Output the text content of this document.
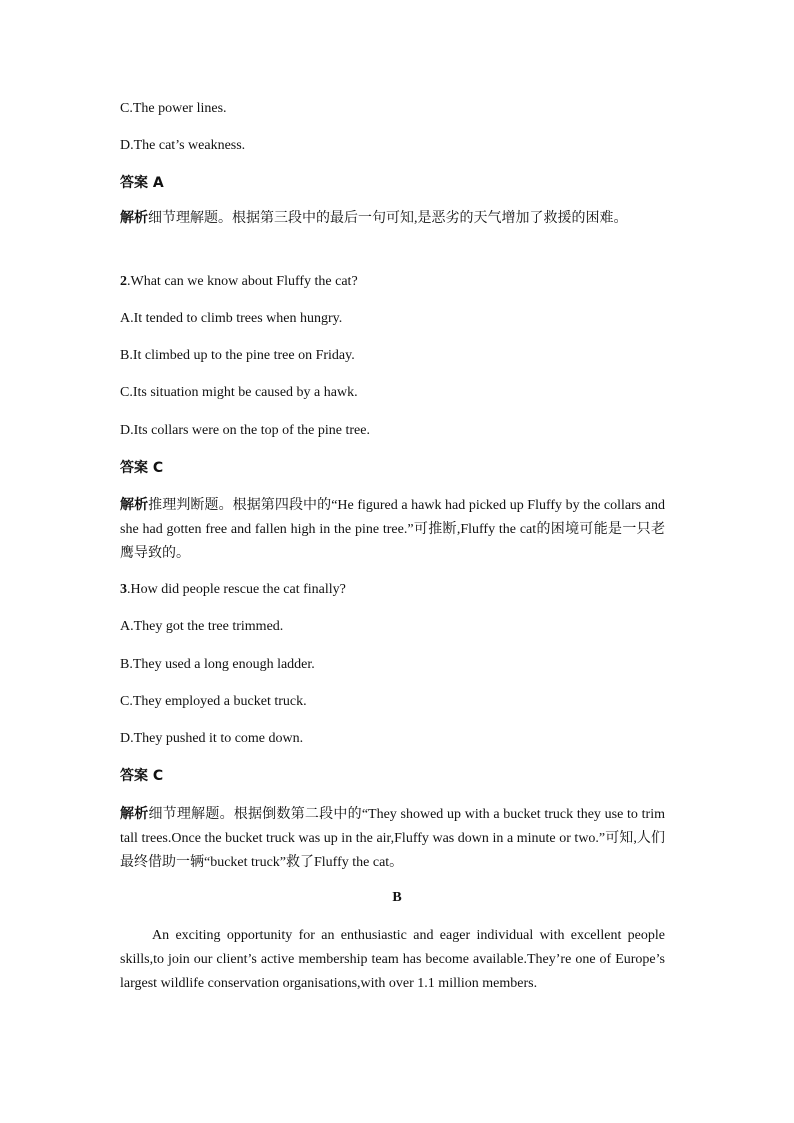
C.The power lines.
D.The cat’s weakness.
答案 A
解析细节理解题。根据第三段中的最后一句可知,是恶劣的天气增加了救援的困难。
2.What can we know about Fluffy the cat?
A.It tended to climb trees when hungry.
B.It climbed up to the pine tree on Friday.
C.Its situation might be caused by a hawk.
D.Its collars were on the top of the pine tree.
答案 C
解析推理判断题。根据第四段中的“He figured a hawk had picked up Fluffy by the collars and she had gotten free and fallen high in the pine tree.”可推断,Fluffy the cat的困境可能是一只老鹰导致的。
3.How did people rescue the cat finally?
A.They got the tree trimmed.
B.They used a long enough ladder.
C.They employed a bucket truck.
D.They pushed it to come down.
答案 C
解析细节理解题。根据倒数第二段中的“They showed up with a bucket truck they use to trim tall trees.Once the bucket truck was up in the air,Fluffy was down in a minute or two.”可知,人们最终借助一辆“bucket truck”救了Fluffy the cat。
B
An exciting opportunity for an enthusiastic and eager individual with excellent people skills,to join our client’s active membership team has become available.They’re one of Europe’s largest wildlife conservation organisations,with over 1.1 million members.
